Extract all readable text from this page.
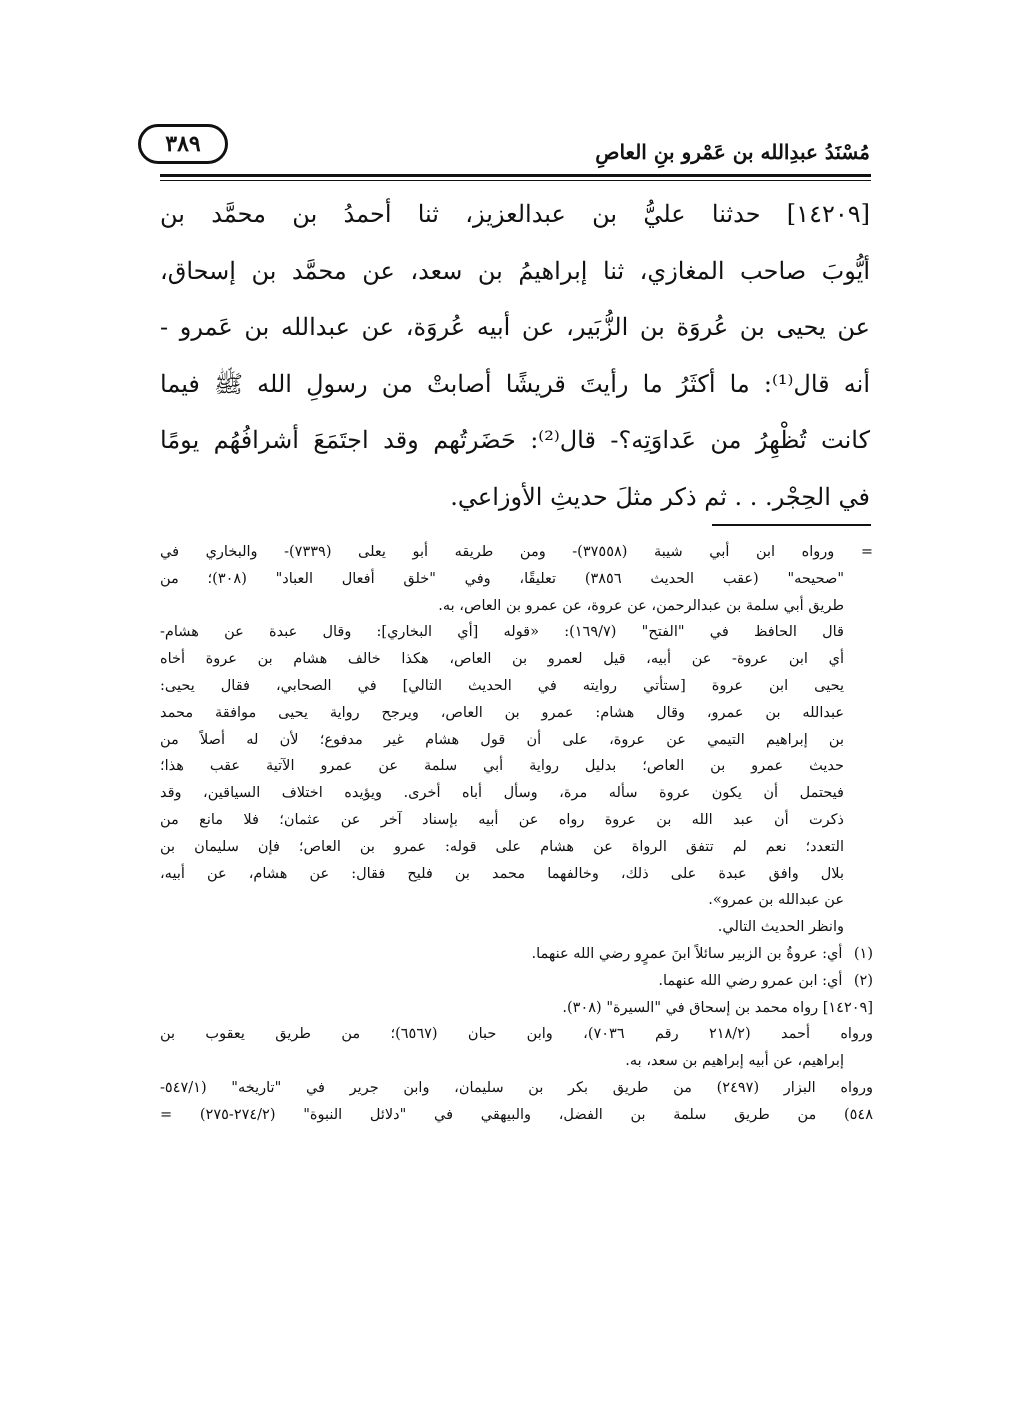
مُسْنَدُ عبدِالله بن عَمْرو بنِ العاصِ
٣٨٩
[١٤٢٠٩] حدثنا عليُّ بن عبدالعزيز، ثنا أحمدُ بن محمَّد بن
أيُّوبَ صاحب المغازي، ثنا إبراهيمُ بن سعد، عن محمَّد بن إسحاق،
عن يحيى بن عُروَة بن الزُّبَير، عن أبيه عُروَة، عن عبدالله بن عَمرو -
أنه قال⁽¹⁾: ما أكثَرُ ما رأيتَ قريشًا أصابتْ من رسولِ الله ﷺ فيما
كانت تُظْهِرُ من عَداوَتِه؟- قال⁽²⁾: حَضَرتُهم وقد اجتَمَعَ أشرافُهُم يومًا
في الحِجْر. . . ثم ذكر مثلَ حديثِ الأوزاعي.
= ورواه ابن أبي شيبة (٣٧٥٥٨)- ومن طريقه أبو يعلى (٧٣٣٩)- والبخاري في
"صحيحه" (عقب الحديث ٣٨٥٦) تعليقًا، وفي "خلق أفعال العباد" (٣٠٨)؛ من
طريق أبي سلمة بن عبدالرحمن، عن عروة، عن عمرو بن العاص، به.
قال الحافظ في "الفتح" (١٦٩/٧): «قوله [أي البخاري]: وقال عبدة عن هشام-
أي ابن عروة- عن أبيه، قيل لعمرو بن العاص، هكذا خالف هشام بن عروة أخاه
يحيى ابن عروة [ستأتي روايته في الحديث التالي] في الصحابي، فقال يحيى:
عبدالله بن عمرو، وقال هشام: عمرو بن العاص، ويرجح رواية يحيى موافقة محمد
بن إبراهيم التيمي عن عروة، على أن قول هشام غير مدفوع؛ لأن له أصلاً من
حديث عمرو بن العاص؛ بدليل رواية أبي سلمة عن عمرو الآتية عقب هذا؛
فيحتمل أن يكون عروة سأله مرة، وسأل أباه أخرى. ويؤيده اختلاف السياقين، وقد
ذكرت أن عبد الله بن عروة رواه عن أبيه بإسناد آخر عن عثمان؛ فلا مانع من
التعدد؛ نعم لم تتفق الرواة عن هشام على قوله: عمرو بن العاص؛ فإن سليمان بن
بلال وافق عبدة على ذلك، وخالفهما محمد بن فليح فقال: عن هشام، عن أبيه،
عن عبدالله بن عمرو».
وانظر الحديث التالي.
(١) أي: عروةُ بن الزبير سائلاً ابنَ عمرٍو رضي الله عنهما.
(٢) أي: ابن عمرو رضي الله عنهما.
[١٤٢٠٩] رواه محمد بن إسحاق في "السيرة" (٣٠٨).
ورواه أحمد (٢١٨/٢ رقم ٧٠٣٦)، وابن حبان (٦٥٦٧)؛ من طريق يعقوب بن
إبراهيم، عن أبيه إبراهيم بن سعد، به.
ورواه البزار (٢٤٩٧) من طريق بكر بن سليمان، وابن جرير في "تاريخه" (٥٤٧/١-
٥٤٨) من طريق سلمة بن الفضل، والبيهقي في "دلائل النبوة" (٢٧٤/٢-٢٧٥) =
